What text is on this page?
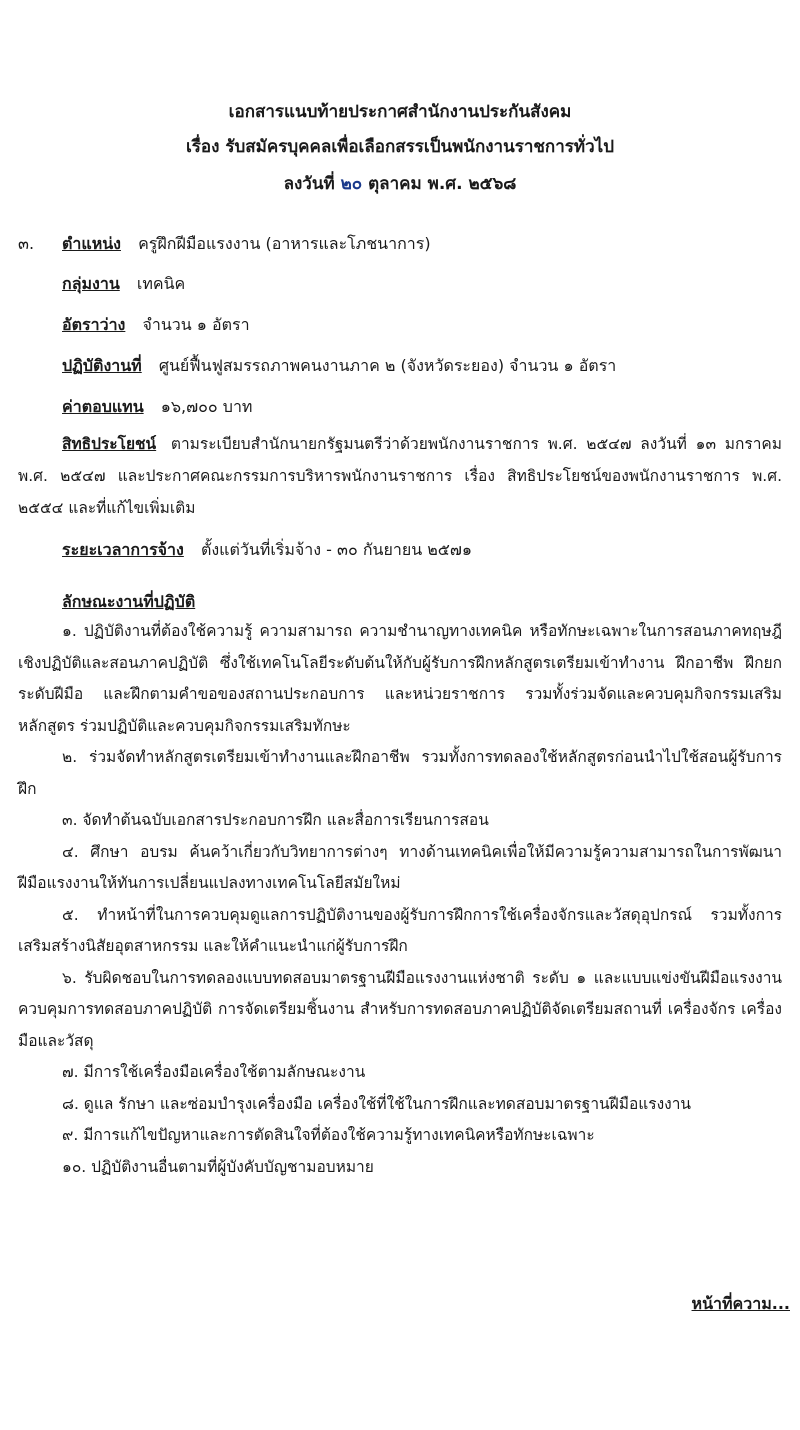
เอกสารแนบท้ายประกาศสำนักงานประกันสังคม
เรื่อง รับสมัครบุคคลเพื่อเลือกสรรเป็นพนักงานราชการทั่วไป
ลงวันที่ ๒๐ ตุลาคม พ.ศ. ๒๕๖๘
๓. ตำแหน่ง ครูฝึกฝีมือแรงงาน (อาหารและโภชนาการ)
กลุ่มงาน เทคนิค
อัตราว่าง จำนวน ๑ อัตรา
ปฏิบัติงานที่ ศูนย์ฟื้นฟูสมรรถภาพคนงานภาค ๒ (จังหวัดระยอง) จำนวน ๑ อัตรา
ค่าตอบแทน ๑๖,๗๐๐ บาท
สิทธิประโยชน์ ตามระเบียบสำนักนายกรัฐมนตรีว่าด้วยพนักงานราชการ พ.ศ. ๒๕๔๗ ลงวันที่ ๑๓ มกราคม พ.ศ. ๒๕๔๗ และประกาศคณะกรรมการบริหารพนักงานราชการ เรื่อง สิทธิประโยชน์ของพนักงานราชการ พ.ศ. ๒๕๕๔ และที่แก้ไขเพิ่มเติม
ระยะเวลาการจ้าง ตั้งแต่วันที่เริ่มจ้าง - ๓๐ กันยายน ๒๕๗๑
ลักษณะงานที่ปฏิบัติ

๑. ปฏิบัติงานที่ต้องใช้ความรู้ ความสามารถ ความชำนาญทางเทคนิค หรือทักษะเฉพาะในการสอนภาคทฤษฎี เชิงปฏิบัติและสอนภาคปฏิบัติ ซึ่งใช้เทคโนโลยีระดับต้นให้กับผู้รับการฝึกหลักสูตรเตรียมเข้าทำงาน ฝึกอาชีพ ฝึกยกระดับฝีมือ และฝึกตามคำขอของสถานประกอบการ และหน่วยราชการ รวมทั้งร่วมจัดและควบคุมกิจกรรมเสริมหลักสูตร ร่วมปฏิบัติและควบคุมกิจกรรมเสริมทักษะ

๒. ร่วมจัดทำหลักสูตรเตรียมเข้าทำงานและฝึกอาชีพ รวมทั้งการทดลองใช้หลักสูตรก่อนนำไปใช้สอนผู้รับการฝึก

๓. จัดทำต้นฉบับเอกสารประกอบการฝึก และสื่อการเรียนการสอน

๔. ศึกษา อบรม ค้นคว้าเกี่ยวกับวิทยาการต่างๆ ทางด้านเทคนิคเพื่อให้มีความรู้ความสามารถในการพัฒนาฝีมือแรงงานให้ทันการเปลี่ยนแปลงทางเทคโนโลยีสมัยใหม่

๕. ทำหน้าที่ในการควบคุมดูแลการปฏิบัติงานของผู้รับการฝึกการใช้เครื่องจักรและวัสดุอุปกรณ์ รวมทั้งการเสริมสร้างนิสัยอุตสาหกรรม และให้คำแนะนำแก่ผู้รับการฝึก

๖. รับผิดชอบในการทดลองแบบทดสอบมาตรฐานฝีมือแรงงานแห่งชาติ ระดับ ๑ และแบบแข่งขันฝีมือแรงงาน ควบคุมการทดสอบภาคปฏิบัติ การจัดเตรียมชิ้นงาน สำหรับการทดสอบภาคปฏิบัติจัดเตรียมสถานที่ เครื่องจักร เครื่องมือและวัสดุ

๗. มีการใช้เครื่องมือเครื่องใช้ตามลักษณะงาน

๘. ดูแล รักษา และซ่อมบำรุงเครื่องมือ เครื่องใช้ที่ใช้ในการฝึกและทดสอบมาตรฐานฝีมือแรงงาน

๙. มีการแก้ไขปัญหาและการตัดสินใจที่ต้องใช้ความรู้ทางเทคนิคหรือทักษะเฉพาะ

๑๐. ปฏิบัติงานอื่นตามที่ผู้บังคับบัญชามอบหมาย

หน้าที่ความ...
